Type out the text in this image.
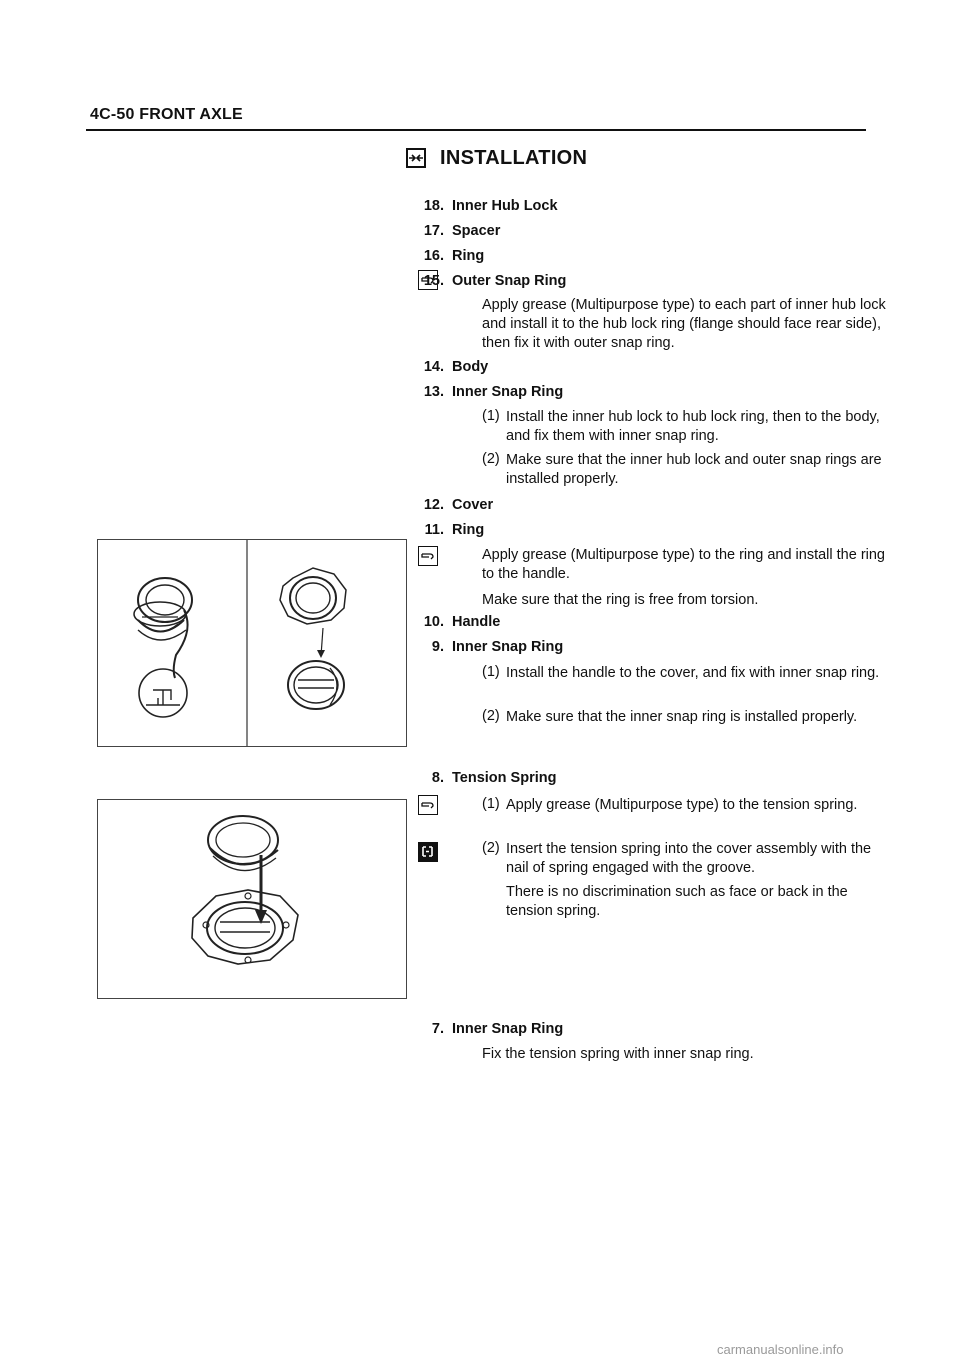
4C-50 FRONT AXLE
INSTALLATION
18. Inner Hub Lock
17. Spacer
16. Ring
15. Outer Snap Ring
Apply grease (Multipurpose type) to each part of inner hub lock and install it to the hub lock ring (flange should face rear side), then fix it with outer snap ring.
14. Body
13. Inner Snap Ring
(1) Install the inner hub lock to hub lock ring, then to the body, and fix them with inner snap ring.
(2) Make sure that the inner hub lock and outer snap rings are installed properly.
12. Cover
11. Ring
Apply grease (Multipurpose type) to the ring and install the ring to the handle.
Make sure that the ring is free from torsion.
10. Handle
9. Inner Snap Ring
(1) Install the handle to the cover, and fix with inner snap ring.
(2) Make sure that the inner snap ring is installed properly.
8. Tension Spring
(1) Apply grease (Multipurpose type) to the tension spring.
(2) Insert the tension spring into the cover assembly with the nail of spring engaged with the groove.
There is no discrimination such as face or back in the tension spring.
7. Inner Snap Ring
Fix the tension spring with inner snap ring.
carmanualsonline.info
